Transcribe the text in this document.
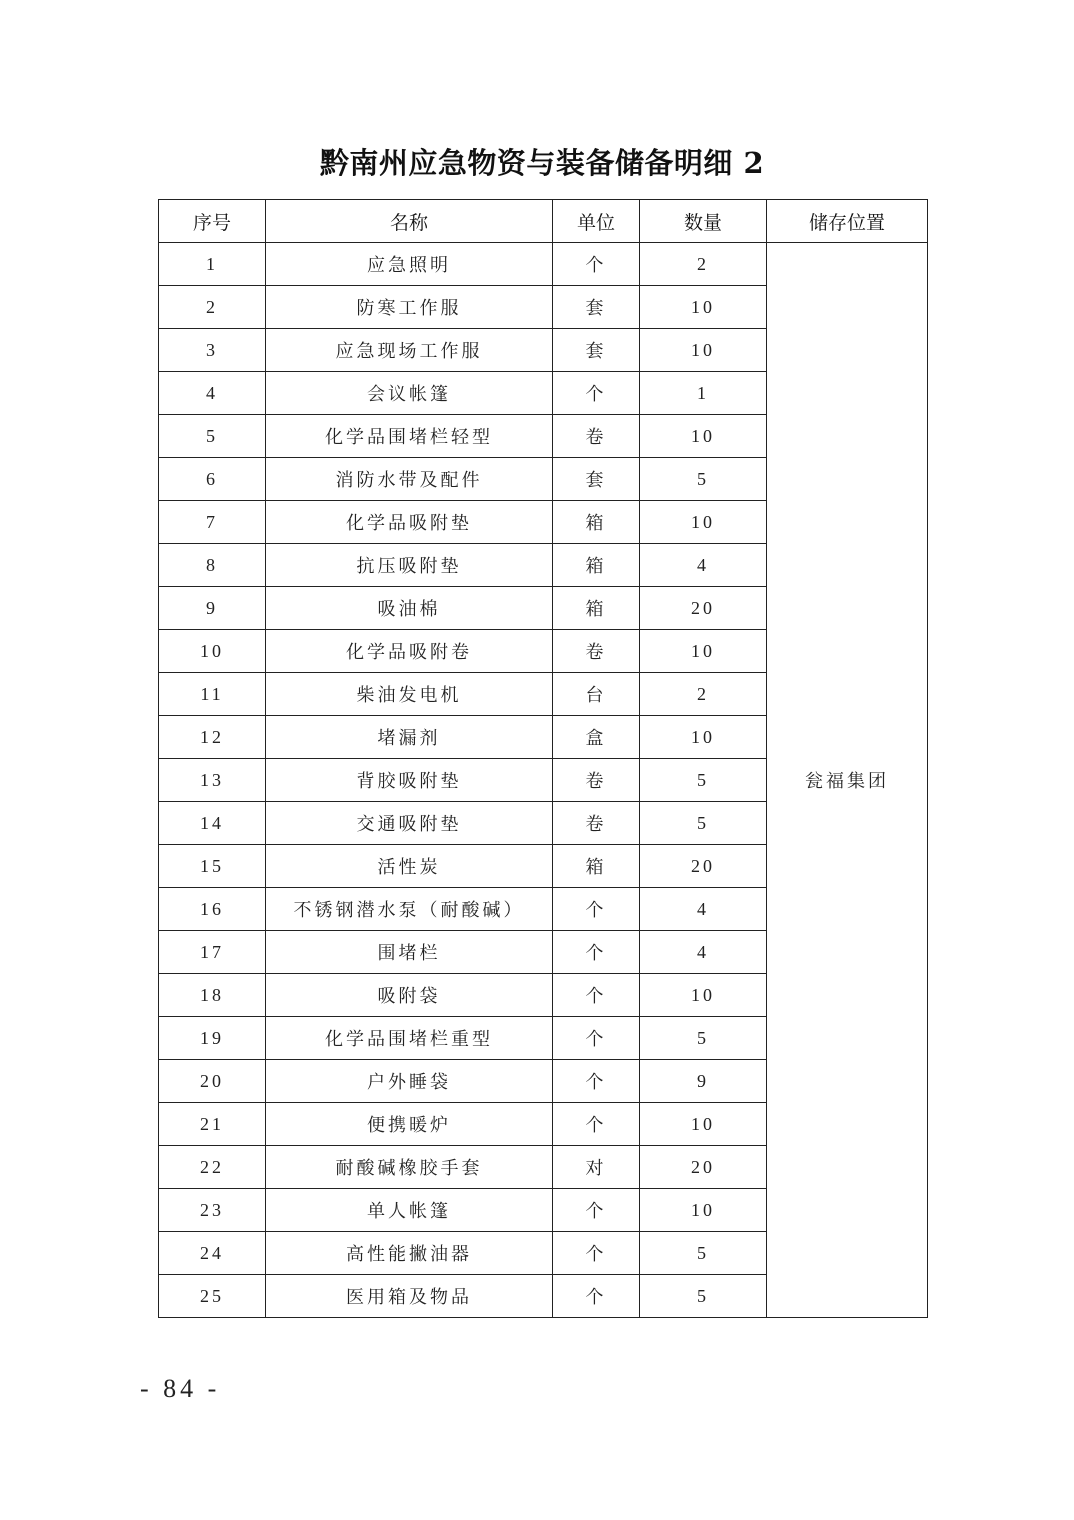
黔南州应急物资与装备储备明细 2
序号	名称	单位	数量	储存位置
1	应急照明	个	2	瓮福集团
2	防寒工作服	套	10	
3	应急现场工作服	套	10	
4	会议帐篷	个	1	
5	化学品围堵栏轻型	卷	10	
6	消防水带及配件	套	5	
7	化学品吸附垫	箱	10	
8	抗压吸附垫	箱	4	
9	吸油棉	箱	20	
10	化学品吸附卷	卷	10	
11	柴油发电机	台	2	
12	堵漏剂	盒	10	
13	背胶吸附垫	卷	5	
14	交通吸附垫	卷	5	
15	活性炭	箱	20	
16	不锈钢潜水泵（耐酸碱）	个	4	
17	围堵栏	个	4	
18	吸附袋	个	10	
19	化学品围堵栏重型	个	5	
20	户外睡袋	个	9	
21	便携暖炉	个	10	
22	耐酸碱橡胶手套	对	20	
23	单人帐篷	个	10	
24	高性能撇油器	个	5	
25	医用箱及物品	个	5	
- 84 -
